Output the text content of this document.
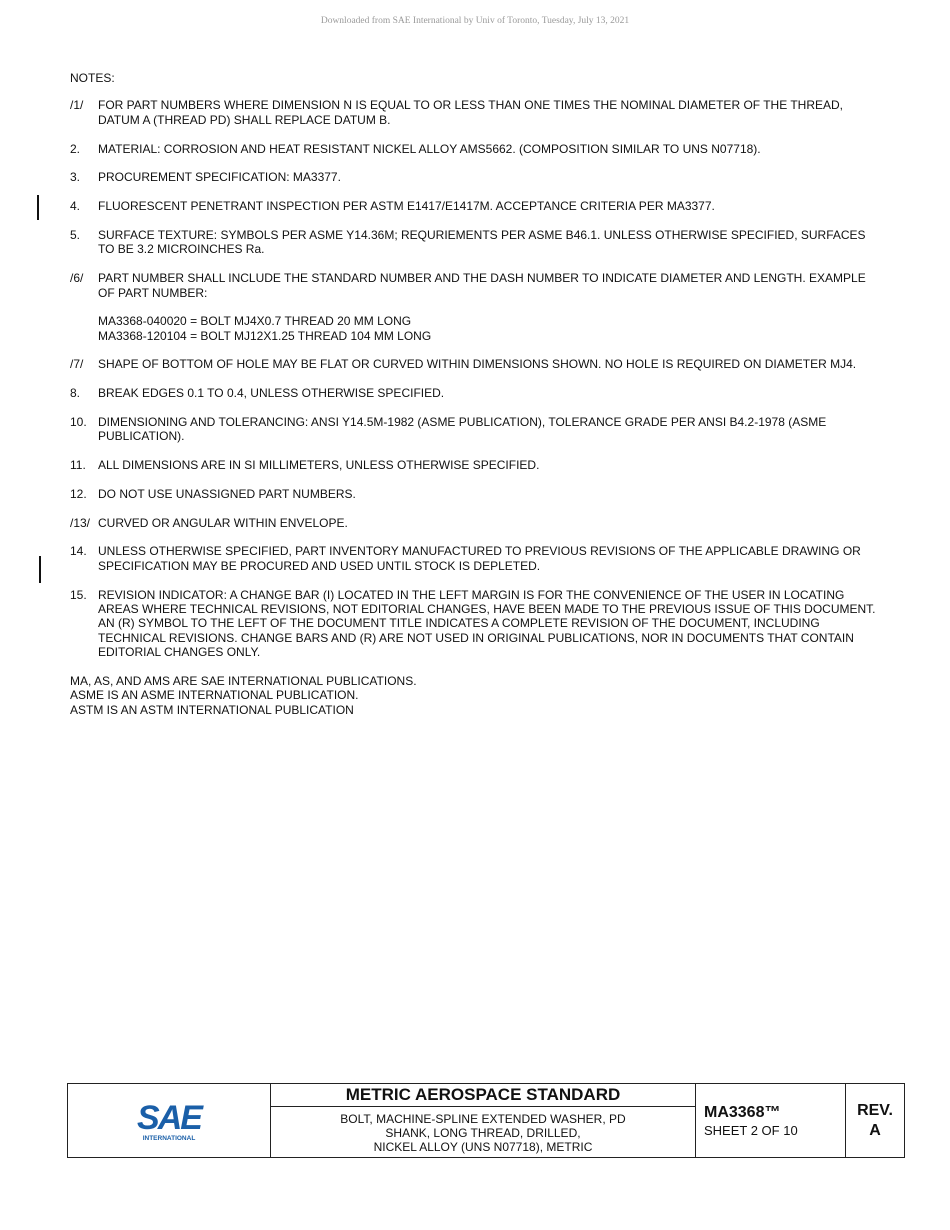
Downloaded from SAE International by Univ of Toronto, Tuesday, July 13, 2021
NOTES:
/1/	FOR PART NUMBERS WHERE DIMENSION N IS EQUAL TO OR LESS THAN ONE TIMES THE NOMINAL DIAMETER OF THE THREAD, DATUM A (THREAD PD) SHALL REPLACE DATUM B.
2.	MATERIAL: CORROSION AND HEAT RESISTANT NICKEL ALLOY AMS5662. (COMPOSITION SIMILAR TO UNS N07718).
3.	PROCUREMENT SPECIFICATION: MA3377.
4.	FLUORESCENT PENETRANT INSPECTION PER ASTM E1417/E1417M. ACCEPTANCE CRITERIA PER MA3377.
5.	SURFACE TEXTURE: SYMBOLS PER ASME Y14.36M; REQURIEMENTS PER ASME B46.1. UNLESS OTHERWISE SPECIFIED, SURFACES TO BE 3.2 MICROINCHES Ra.
/6/	PART NUMBER SHALL INCLUDE THE STANDARD NUMBER AND THE DASH NUMBER TO INDICATE DIAMETER AND LENGTH. EXAMPLE OF PART NUMBER:
MA3368-040020 = BOLT MJ4X0.7 THREAD 20 MM LONG
MA3368-120104 = BOLT MJ12X1.25 THREAD 104 MM LONG
/7/	SHAPE OF BOTTOM OF HOLE MAY BE FLAT OR CURVED WITHIN DIMENSIONS SHOWN. NO HOLE IS REQUIRED ON DIAMETER MJ4.
8.	BREAK EDGES 0.1 TO 0.4, UNLESS OTHERWISE SPECIFIED.
10. DIMENSIONING AND TOLERANCING: ANSI Y14.5M-1982 (ASME PUBLICATION), TOLERANCE GRADE PER ANSI B4.2-1978 (ASME PUBLICATION).
11.	ALL DIMENSIONS ARE IN SI MILLIMETERS, UNLESS OTHERWISE SPECIFIED.
12. DO NOT USE UNASSIGNED PART NUMBERS.
/13/ CURVED OR ANGULAR WITHIN ENVELOPE.
14. UNLESS OTHERWISE SPECIFIED, PART INVENTORY MANUFACTURED TO PREVIOUS REVISIONS OF THE APPLICABLE DRAWING OR SPECIFICATION MAY BE PROCURED AND USED UNTIL STOCK IS DEPLETED.
15. REVISION INDICATOR: A CHANGE BAR (I) LOCATED IN THE LEFT MARGIN IS FOR THE CONVENIENCE OF THE USER IN LOCATING AREAS WHERE TECHNICAL REVISIONS, NOT EDITORIAL CHANGES, HAVE BEEN MADE TO THE PREVIOUS ISSUE OF THIS DOCUMENT. AN (R) SYMBOL TO THE LEFT OF THE DOCUMENT TITLE INDICATES A COMPLETE REVISION OF THE DOCUMENT, INCLUDING TECHNICAL REVISIONS. CHANGE BARS AND (R) ARE NOT USED IN ORIGINAL PUBLICATIONS, NOR IN DOCUMENTS THAT CONTAIN EDITORIAL CHANGES ONLY.
MA, AS, AND AMS ARE SAE INTERNATIONAL PUBLICATIONS.
ASME IS AN ASME INTERNATIONAL PUBLICATION.
ASTM IS AN ASTM INTERNATIONAL PUBLICATION
SAE
INTERNATIONAL
METRIC AEROSPACE STANDARD
BOLT, MACHINE-SPLINE EXTENDED WASHER, PD
SHANK, LONG THREAD, DRILLED,
NICKEL ALLOY (UNS N07718), METRIC
MA3368™
SHEET 2 OF 10
REV.
A
